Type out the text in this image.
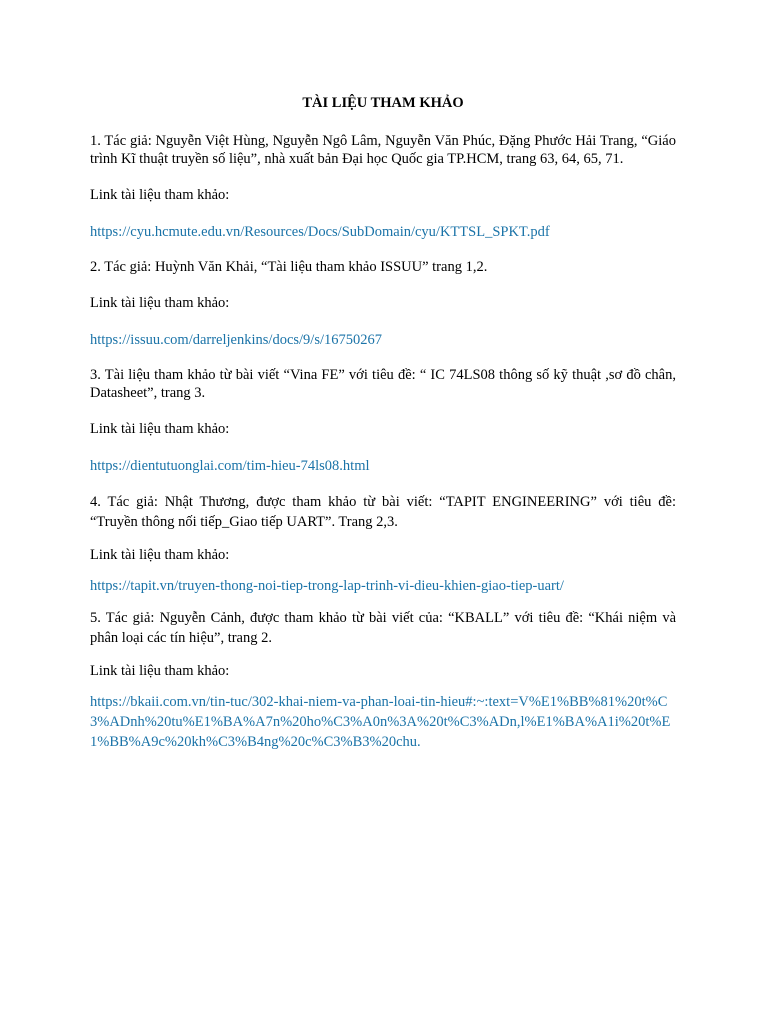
TÀI LIỆU THAM KHẢO

1. Tác giả: Nguyễn Việt Hùng, Nguyễn Ngô Lâm, Nguyễn Văn Phúc, Đặng Phước Hải Trang, “Giáo trình Kĩ thuật truyền số liệu”, nhà xuất bản Đại học Quốc gia TP.HCM, trang 63, 64, 65, 71.

Link tài liệu tham khảo:

https://cyu.hcmute.edu.vn/Resources/Docs/SubDomain/cyu/KTTSL_SPKT.pdf

2. Tác giả: Huỳnh Văn Khải, “Tài liệu tham khảo ISSUU” trang 1,2.

Link tài liệu tham khảo:

https://issuu.com/darreljenkins/docs/9/s/16750267

3. Tài liệu tham khảo từ bài viết “Vina FE” với tiêu đề: “ IC 74LS08 thông số kỹ thuật ,sơ đồ chân, Datasheet”, trang 3.

Link tài liệu tham khảo:

https://dientutuonglai.com/tim-hieu-74ls08.html

4. Tác giả: Nhật Thương, được tham khảo từ bài viết: “TAPIT ENGINEERING” với tiêu đề: “Truyền thông nối tiếp_Giao tiếp UART”. Trang 2,3.

Link tài liệu tham khảo:

https://tapit.vn/truyen-thong-noi-tiep-trong-lap-trinh-vi-dieu-khien-giao-tiep-uart/

5. Tác giả: Nguyễn Cảnh, được tham khảo từ bài viết của: “KBALL” với tiêu đề: “Khái niệm và phân loại các tín hiệu”, trang 2.

Link tài liệu tham khảo:

https://bkaii.com.vn/tin-tuc/302-khai-niem-va-phan-loai-tin-hieu#:~:text=V%E1%BB%81%20t%C3%ADnh%20tu%E1%BA%A7n%20ho%C3%A0n%3A%20t%C3%ADn,l%E1%BA%A1i%20t%E1%BB%A9c%20kh%C3%B4ng%20c%C3%B3%20chu.
